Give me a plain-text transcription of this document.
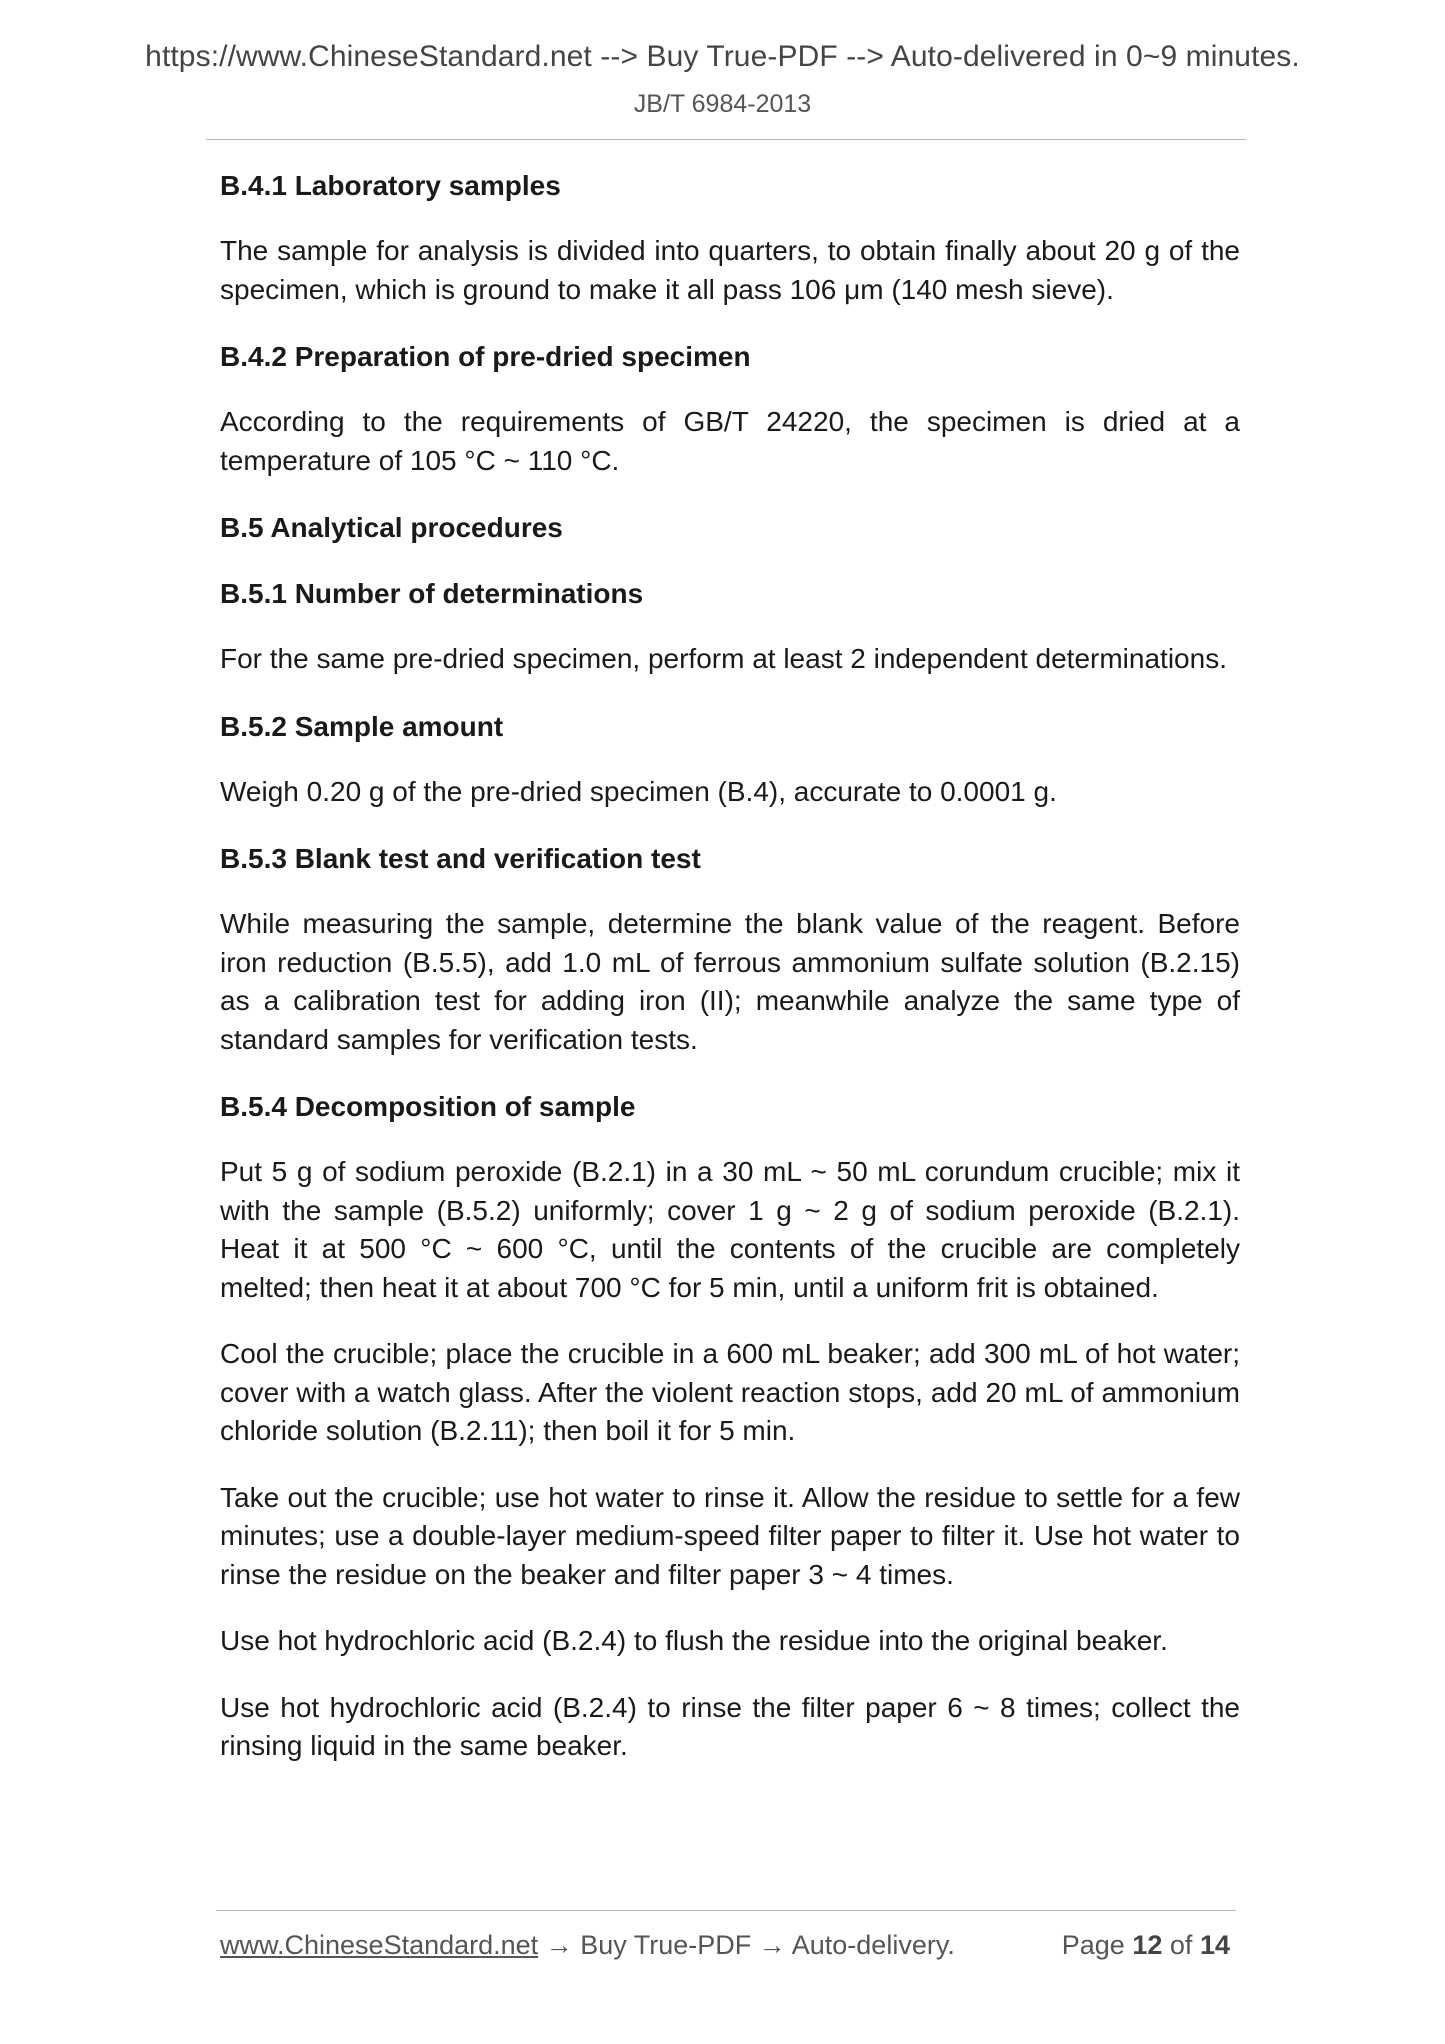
https://www.ChineseStandard.net --> Buy True-PDF --> Auto-delivered in 0~9 minutes.
JB/T 6984-2013
B.4.1 Laboratory samples
The sample for analysis is divided into quarters, to obtain finally about 20 g of the specimen, which is ground to make it all pass 106 μm (140 mesh sieve).
B.4.2 Preparation of pre-dried specimen
According to the requirements of GB/T 24220, the specimen is dried at a temperature of 105 °C ~ 110 °C.
B.5 Analytical procedures
B.5.1 Number of determinations
For the same pre-dried specimen, perform at least 2 independent determinations.
B.5.2 Sample amount
Weigh 0.20 g of the pre-dried specimen (B.4), accurate to 0.0001 g.
B.5.3 Blank test and verification test
While measuring the sample, determine the blank value of the reagent. Before iron reduction (B.5.5), add 1.0 mL of ferrous ammonium sulfate solution (B.2.15) as a calibration test for adding iron (II); meanwhile analyze the same type of standard samples for verification tests.
B.5.4 Decomposition of sample
Put 5 g of sodium peroxide (B.2.1) in a 30 mL ~ 50 mL corundum crucible; mix it with the sample (B.5.2) uniformly; cover 1 g ~ 2 g of sodium peroxide (B.2.1). Heat it at 500 °C ~ 600 °C, until the contents of the crucible are completely melted; then heat it at about 700 °C for 5 min, until a uniform frit is obtained.
Cool the crucible; place the crucible in a 600 mL beaker; add 300 mL of hot water; cover with a watch glass. After the violent reaction stops, add 20 mL of ammonium chloride solution (B.2.11); then boil it for 5 min.
Take out the crucible; use hot water to rinse it. Allow the residue to settle for a few minutes; use a double-layer medium-speed filter paper to filter it. Use hot water to rinse the residue on the beaker and filter paper 3 ~ 4 times.
Use hot hydrochloric acid (B.2.4) to flush the residue into the original beaker.
Use hot hydrochloric acid (B.2.4) to rinse the filter paper 6 ~ 8 times; collect the rinsing liquid in the same beaker.
www.ChineseStandard.net → Buy True-PDF → Auto-delivery.	Page 12 of 14
